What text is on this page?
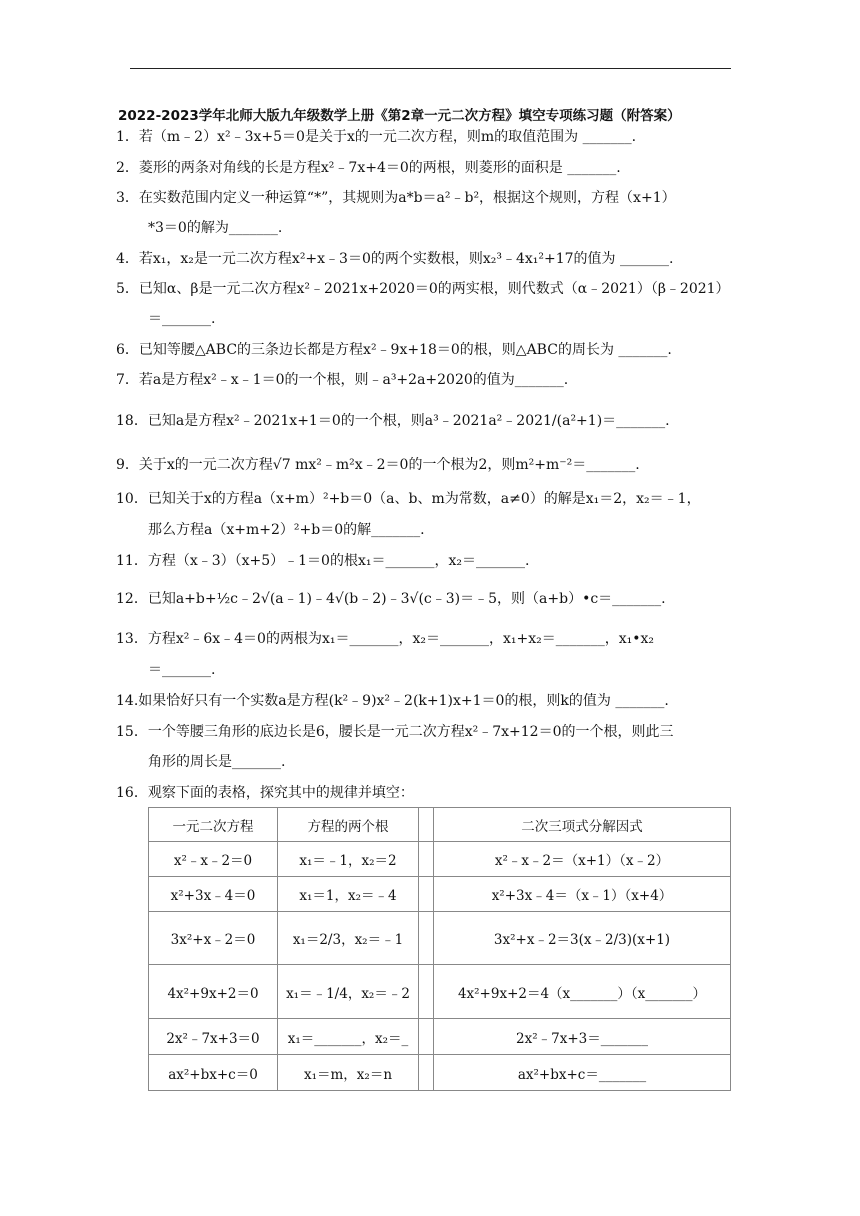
2022-2023学年北师大版九年级数学上册《第2章一元二次方程》填空专项练习题（附答案）
1．若（m﹣2）x²﹣3x+5＝0是关于x的一元二次方程，则m的取值范围为 _______.
2．菱形的两条对角线的长是方程x²﹣7x+4＝0的两根，则菱形的面积是 _______.
3．在实数范围内定义一种运算“*”，其规则为a*b＝a²﹣b²，根据这个规则，方程（x+1）
*3＝0的解为_______.
4．若x₁，x₂是一元二次方程x²+x﹣3＝0的两个实数根，则x₂³﹣4x₁²+17的值为 _______.
5．已知α、β是一元二次方程x²﹣2021x+2020＝0的两实根，则代数式（α﹣2021）（β﹣2021）
＝_______.
6．已知等腰△ABC的三条边长都是方程x²﹣9x+18＝0的根，则△ABC的周长为 _______.
7．若a是方程x²﹣x﹣1＝0的一个根，则﹣a³+2a+2020的值为_______.
18．已知a是方程x²﹣2021x+1＝0的一个根，则a³﹣2021a²﹣2021/(a²+1)＝_______.
9．关于x的一元二次方程√7 mx²﹣m²x﹣2＝0的一个根为2，则m²+m⁻²＝_______.
10．已知关于x的方程a（x+m）²+b＝0（a、b、m为常数，a≠0）的解是x₁＝2，x₂＝﹣1，
那么方程a（x+m+2）²+b＝0的解_______.
11．方程（x﹣3）（x+5）﹣1＝0的根x₁＝_______，x₂＝_______.
12．已知a+b+½c﹣2√(a﹣1)﹣4√(b﹣2)﹣3√(c﹣3)＝﹣5，则（a+b）•c＝_______.
13．方程x²﹣6x﹣4＝0的两根为x₁＝_______，x₂＝_______，x₁+x₂＝_______，x₁•x₂
＝_______.
14.如果恰好只有一个实数a是方程(k²﹣9)x²﹣2(k+1)x+1＝0的根，则k的值为 _______.
15．一个等腰三角形的底边长是6，腰长是一元二次方程x²﹣7x+12＝0的一个根，则此三
角形的周长是_______.
16．观察下面的表格，探究其中的规律并填空：
一元二次方程	方程的两个根		二次三项式分解因式
x²﹣x﹣2＝0	x₁＝﹣1，x₂＝2		x²﹣x﹣2＝（x+1）（x﹣2）
x²+3x﹣4＝0	x₁＝1，x₂＝﹣4		x²+3x﹣4＝（x﹣1）（x+4）
3x²+x﹣2＝0	x₁＝2/3，x₂＝﹣1		3x²+x﹣2＝3(x﹣2/3)(x+1)
4x²+9x+2＝0	x₁＝﹣1/4，x₂＝﹣2		4x²+9x+2＝4（x_______）（x_______）
2x²﹣7x+3＝0	x₁＝_______，x₂＝_		2x²﹣7x+3＝_______
ax²+bx+c＝0	x₁＝m，x₂＝n		ax²+bx+c＝_______
